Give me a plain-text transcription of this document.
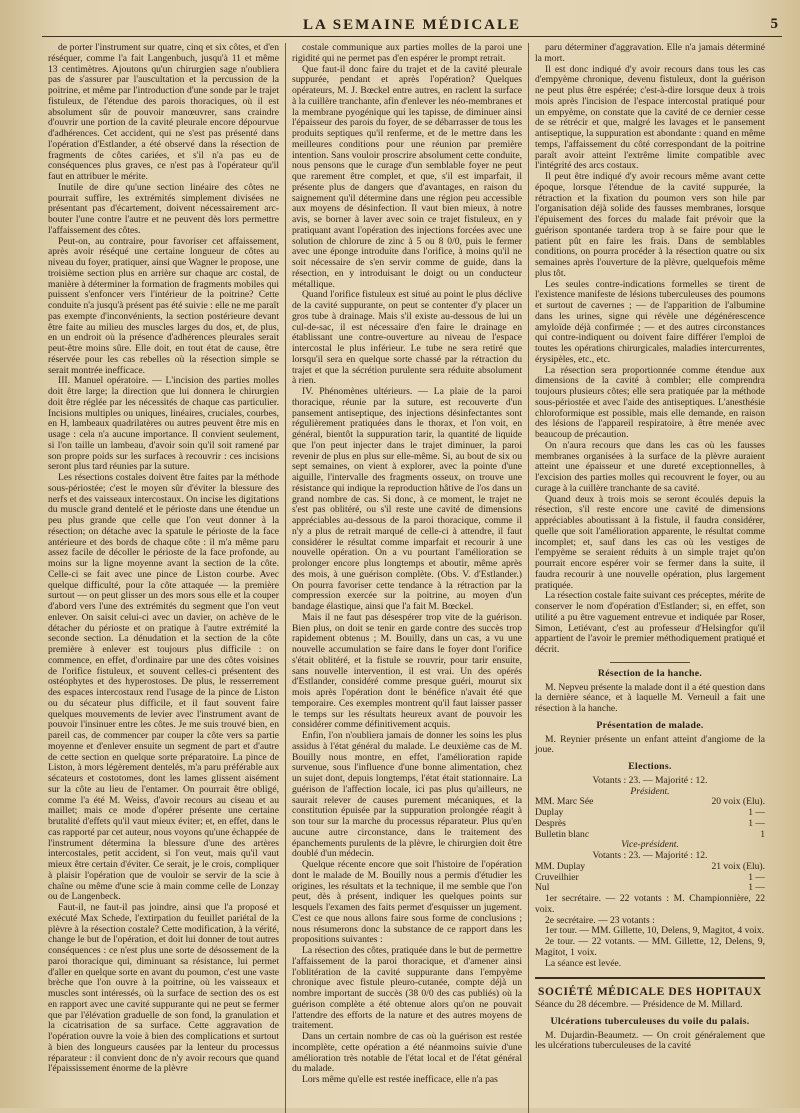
LA SEMAINE MÉDICALE	5

de porter l'instrument sur quatre, cinq et six côtes, et d'en réséquer, comme l'a fait Langenbuch, jusqu'à 11 et même 13 centimètres. Ajoutons qu'un chirurgien sage n'oubliera pas de s'assurer par l'auscultation et la percussion de la poitrine, et même par l'introduction d'une sonde par le trajet fistuleux, de l'étendue des parois thoraciques, où il est absolument sûr de pouvoir manœuvrer, sans craindre d'ouvrir une portion de la cavité pleurale encore dépourvue d'adhérences. Cet accident, qui ne s'est pas présenté dans l'opération d'Estlander, a été observé dans la résection de fragments de côtes cariées, et s'il n'a pas eu de conséquences plus graves, ce n'est pas à l'opérateur qu'il faut en attribuer le mérite.

Inutile de dire qu'une section linéaire des côtes ne pourrait suffire, les extrémités simplement divisées ne présentant pas d'écartement, doivent nécessairement arc-bouter l'une contre l'autre et ne peuvent dès lors permettre l'affaissement des côtes.

Peut-on, au contraire, pour favoriser cet affaissement, après avoir réséqué une certaine longueur de côtes au niveau du foyer, pratiquer, ainsi que Wagner le propose, une troisième section plus en arrière sur chaque arc costal, de manière à déterminer la formation de fragments mobiles qui puissent s'enfoncer vers l'intérieur de la poitrine? Cette conduite n'a jusqu'à présent pas été suivie : elle ne me paraît pas exempte d'inconvénients, la section postérieure devant être faite au milieu des muscles larges du dos, et, de plus, en un endroit où la présence d'adhérences pleurales serait peut-être moins sûre. Elle doit, en tout état de cause, être réservée pour les cas rebelles où la résection simple se serait montrée inefficace.

III. Manuel opératoire. — L'incision des parties molles doit être large; la direction que lui donnera le chirurgien doit être réglée par les nécessités de chaque cas particulier. Incisions multiples ou uniques, linéaires, cruciales, courbes, en H, lambeaux quadrilatères ou autres peuvent être mis en usage : cela n'a aucune importance. Il convient seulement, si l'on taille un lambeau, d'avoir soin qu'il soit ramené par son propre poids sur les surfaces à recouvrir : ces incisions seront plus tard réunies par la suture.

Les résections costales doivent être faites par la méthode sous-périostée; c'est le moyen sûr d'éviter la blessure des nerfs et des vaisseaux intercostaux. On incise les digitations du muscle grand dentelé et le périoste dans une étendue un peu plus grande que celle que l'on veut donner à la résection; on détache avec la spatule le périoste de la face antérieure et des bords de chaque côte : il m'a même paru assez facile de décoller le périoste de la face profonde, au moins sur la ligne moyenne avant la section de la côte. Celle-ci se fait avec une pince de Liston courbe. Avec quelque difficulté, pour la côte attaquée — la première surtout — on peut glisser un des mors sous elle et la couper d'abord vers l'une des extrémités du segment que l'on veut enlever. On saisit celui-ci avec un davier, on achève de le détacher du périoste et on pratique à l'autre extrémité la seconde section. La dénudation et la section de la côte première à enlever est toujours plus difficile : on commence, en effet, d'ordinaire par une des côtes voisines de l'orifice fistuleux, et souvent celles-ci présentent des ostéophytes et des hyperostoses. De plus, le resserrement des espaces intercostaux rend l'usage de la pince de Liston ou du sécateur plus difficile, et il faut souvent faire quelques mouvements de levier avec l'instrument avant de pouvoir l'insinuer entre les côtes. Je me suis trouvé bien, en pareil cas, de commencer par couper la côte vers sa partie moyenne et d'enlever ensuite un segment de part et d'autre de cette section en quelque sorte préparatoire. La pince de Liston, à mors légèrement dentelés, m'a paru préférable aux sécateurs et costotomes, dont les lames glissent aisément sur la côte au lieu de l'entamer. On pourrait être obligé, comme l'a été M. Weiss, d'avoir recours au ciseau et au maillet; mais ce mode d'opérer présente une certaine brutalité d'effets qu'il vaut mieux éviter; et, en effet, dans le cas rapporté par cet auteur, nous voyons qu'une échappée de l'instrument détermina la blessure d'une des artères intercostales, petit accident, si l'on veut, mais qu'il vaut mieux être certain d'éviter. Ce serait, je le crois, compliquer à plaisir l'opération que de vouloir se servir de la scie à chaîne ou même d'une scie à main comme celle de Lonzay ou de Langenbeck.

Faut-il, ne faut-il pas joindre, ainsi que l'a proposé et exécuté Max Schede, l'extirpation du feuillet pariétal de la plèvre à la résection costale? Cette modification, à la vérité, change le but de l'opération, et doit lui donner de tout autres conséquences : ce n'est plus une sorte de désossement de la paroi thoracique qui, diminuant sa résistance, lui permet d'aller en quelque sorte en avant du poumon, c'est une vaste brèche que l'on ouvre à la poitrine, où les vaisseaux et muscles sont intéressés, où la surface de section des os est en rapport avec une cavité suppurante qui ne peut se fermer que par l'élévation graduelle de son fond, la granulation et la cicatrisation de sa surface. Cette aggravation de l'opération ouvre la voie à bien des complications et surtout à bien des longueurs causées par la lenteur du processus réparateur : il convient donc de n'y avoir recours que quand l'épaississement énorme de la plèvre

costale communique aux parties molles de la paroi une rigidité qui ne permet pas d'en espérer le prompt retrait.

Que faut-il donc faire du trajet et de la cavité pleurale suppurée, pendant et après l'opération? Quelques opérateurs, M. J. Bœckel entre autres, en raclent la surface à la cuillère tranchante, afin d'enlever les néo-membranes et la membrane pyogénique qui les tapisse, de diminuer ainsi l'épaisseur des parois du foyer, de se débarrasser de tous les produits septiques qu'il renferme, et de le mettre dans les meilleures conditions pour une réunion par première intention. Sans vouloir proscrire absolument cette conduite, nous pensons que le curage d'un semblable foyer ne peut que rarement être complet, et que, s'il est imparfait, il présente plus de dangers que d'avantages, en raison du saignement qu'il détermine dans une région peu accessible aux moyens de désinfection. Il vaut bien mieux, à notre avis, se borner à laver avec soin ce trajet fistuleux, en y pratiquant avant l'opération des injections forcées avec une solution de chlorure de zinc à 5 ou 8 0/0, puis le fermer avec une éponge introduite dans l'orifice, à moins qu'il ne soit nécessaire de s'en servir comme de guide, dans la résection, en y introduisant le doigt ou un conducteur métallique.

Quand l'orifice fistuleux est situé au point le plus déclive de la cavité suppurante, on peut se contenter d'y placer un gros tube à drainage. Mais s'il existe au-dessous de lui un cul-de-sac, il est nécessaire d'en faire le drainage en établissant une contre-ouverture au niveau de l'espace intercostal le plus inférieur. Le tube ne sera retiré que lorsqu'il sera en quelque sorte chassé par la rétraction du trajet et que la sécrétion purulente sera réduite absolument à rien.

IV. Phénomènes ultérieurs. — La plaie de la paroi thoracique, réunie par la suture, est recouverte d'un pansement antiseptique, des injections désinfectantes sont régulièrement pratiquées dans le thorax, et l'on voit, en général, bientôt la suppuration tarir, la quantité de liquide que l'on peut injecter dans le trajet diminuer, la paroi revenir de plus en plus sur elle-même. Si, au bout de six ou sept semaines, on vient à explorer, avec la pointe d'une aiguille, l'intervalle des fragments osseux, on trouve une résistance qui indique la reproduction hâtive de l'os dans un grand nombre de cas. Si donc, à ce moment, le trajet ne s'est pas oblitéré, ou s'il reste une cavité de dimensions appréciables au-dessous de la paroi thoracique, comme il n'y a plus de retrait marqué de celle-ci à attendre, il faut considérer le résultat comme imparfait et recourir à une nouvelle opération. On a vu pourtant l'amélioration se prolonger encore plus longtemps et aboutir, même après des mois, à une guérison complète. (Obs. V. d'Estlander.) On pourra favoriser cette tendance à la rétraction par la compression exercée sur la poitrine, au moyen d'un bandage élastique, ainsi que l'a fait M. Bœckel.

Mais il ne faut pas désespérer trop vite de la guérison. Bien plus, on doit se tenir en garde contre des succès trop rapidement obtenus ; M. Bouilly, dans un cas, a vu une nouvelle accumulation se faire dans le foyer dont l'orifice s'était oblitéré, et la fistule se rouvrir, pour tarir ensuite, sans nouvelle intervention, il est vrai. Un des opérés d'Estlander, considéré comme presque guéri, mourut six mois après l'opération dont le bénéfice n'avait été que temporaire. Ces exemples montrent qu'il faut laisser passer le temps sur les résultats heureux avant de pouvoir les considérer comme définitivement acquis.

Enfin, l'on n'oubliera jamais de donner les soins les plus assidus à l'état général du malade. Le deuxième cas de M. Bouilly nous montre, en effet, l'amélioration rapide survenue, sous l'influence d'une bonne alimentation, chez un sujet dont, depuis longtemps, l'état était stationnaire. La guérison de l'affection locale, ici pas plus qu'ailleurs, ne saurait relever de causes purement mécaniques, et la constitution épuisée par la suppuration prolongée réagit à son tour sur la marche du processus réparateur. Plus qu'en aucune autre circonstance, dans le traitement des épanchements purulents de la plèvre, le chirurgien doit être doublé d'un médecin.

Quelque récente encore que soit l'histoire de l'opération dont le malade de M. Bouilly nous a permis d'étudier les origines, les résultats et la technique, il me semble que l'on peut, dès à présent, indiquer les quelques points sur lesquels l'examen des faits permet d'esquisser un jugement. C'est ce que nous allons faire sous forme de conclusions ; nous résumerons donc la substance de ce rapport dans les propositions suivantes :

La résection des côtes, pratiquée dans le but de permettre l'affaissement de la paroi thoracique, et d'amener ainsi l'oblitération de la cavité suppurante dans l'empyème chronique avec fistule pleuro-cutanée, compte déjà un nombre important de succès (38 0/0 des cas publiés) où la guérison complète a été obtenue alors qu'on ne pouvait l'attendre des efforts de la nature et des autres moyens de traitement.

Dans un certain nombre de cas où la guérison est restée incomplète, cette opération a été néanmoins suivie d'une amélioration très notable de l'état local et de l'état général du malade.

Lors même qu'elle est restée inefficace, elle n'a pas

paru déterminer d'aggravation. Elle n'a jamais déterminé la mort.

Il est donc indiqué d'y avoir recours dans tous les cas d'empyème chronique, devenu fistuleux, dont la guérison ne peut plus être espérée; c'est-à-dire lorsque deux à trois mois après l'incision de l'espace intercostal pratiqué pour un empyème, on constate que la cavité de ce dernier cesse de se rétrécir et que, malgré les lavages et le pansement antiseptique, la suppuration est abondante : quand en même temps, l'affaissement du côté correspondant de la poitrine paraît avoir atteint l'extrême limite compatible avec l'intégrité des arcs costaux.

Il peut être indiqué d'y avoir recours même avant cette époque, lorsque l'étendue de la cavité suppurée, la rétraction et la fixation du poumon vers son hile par l'organisation déjà solide des fausses membranes, lorsque l'épuisement des forces du malade fait prévoir que la guérison spontanée tardera trop à se faire pour que le patient pût en faire les frais. Dans de semblables conditions, on pourra procéder à la résection quatre ou six semaines après l'ouverture de la plèvre, quelquefois même plus tôt.

Les seules contre-indications formelles se tirent de l'existence manifeste de lésions tuberculeuses des poumons et surtout de cavernes ; — de l'apparition de l'albumine dans les urines, signe qui révèle une dégénérescence amyloïde déjà confirmée ; — et des autres circonstances qui contre-indiquent ou doivent faire différer l'emploi de toutes les opérations chirurgicales, maladies intercurrentes, érysipèles, etc., etc.

La résection sera proportionnée comme étendue aux dimensions de la cavité à combler; elle comprendra toujours plusieurs côtes; elle sera pratiquée par la méthode sous-périostée et avec l'aide des antiseptiques. L'anesthésie chloroformique est possible, mais elle demande, en raison des lésions de l'appareil respiratoire, à être menée avec beaucoup de précaution.

On n'aura recours que dans les cas où les fausses membranes organisées à la surface de la plèvre auraient atteint une épaisseur et une dureté exceptionnelles, à l'excision des parties molles qui recouvrent le foyer, ou au curage à la cuillère tranchante de sa cavité.

Quand deux à trois mois se seront écoulés depuis la résection, s'il reste encore une cavité de dimensions appréciables aboutissant à la fistule, il faudra considérer, quelle que soit l'amélioration apparente, le résultat comme incomplet; et, sauf dans les cas où les vestiges de l'empyème se seraient réduits à un simple trajet qu'on pourrait encore espérer voir se fermer dans la suite, il faudra recourir à une nouvelle opération, plus largement pratiquée.

La résection costale faite suivant ces préceptes, mérite de conserver le nom d'opération d'Estlander; si, en effet, son utilité a pu être vaguement entrevue et indiquée par Roser, Simon, Letiévant, c'est au professeur d'Helsingfor qu'il appartient de l'avoir le premier méthodiquement pratiqué et décrit.

Résection de la hanche.

M. Nepveu présente la malade dont il a été question dans la dernière séance, et à laquelle M. Verneuil a fait une résection à la hanche.

Présentation de malade.

M. Reynier présente un enfant atteint d'angiome de la joue.

Elections.
Votants : 23. — Majorité : 12.
Président.
MM. Marc Sée	20 voix (Elu).
Duplay	1 —
Desprès	1 —
Bulletin blanc	1
Vice-président.
Votants : 23. — Majorité : 12.
MM. Duplay	21 voix (Elu).
Cruveilhier	1 —
Nul	1 —

1er secrétaire. — 22 votants : M. Championnière, 22 voix.

2e secrétaire. — 23 votants :

1er tour. — MM. Gillette, 10, Delens, 9, Magitot, 4 voix.

2e tour. — 22 votants. — MM. Gillette, 12, Delens, 9, Magitot, 1 voix.

La séance est levée.

SOCIÉTÉ MÉDICALE DES HOPITAUX

Séance du 28 décembre. — Présidence de M. Millard.

Ulcérations tuberculeuses du voile du palais.

M. Dujardin-Beaumetz. — On croit généralement que les ulcérations tuberculeuses de la cavité
